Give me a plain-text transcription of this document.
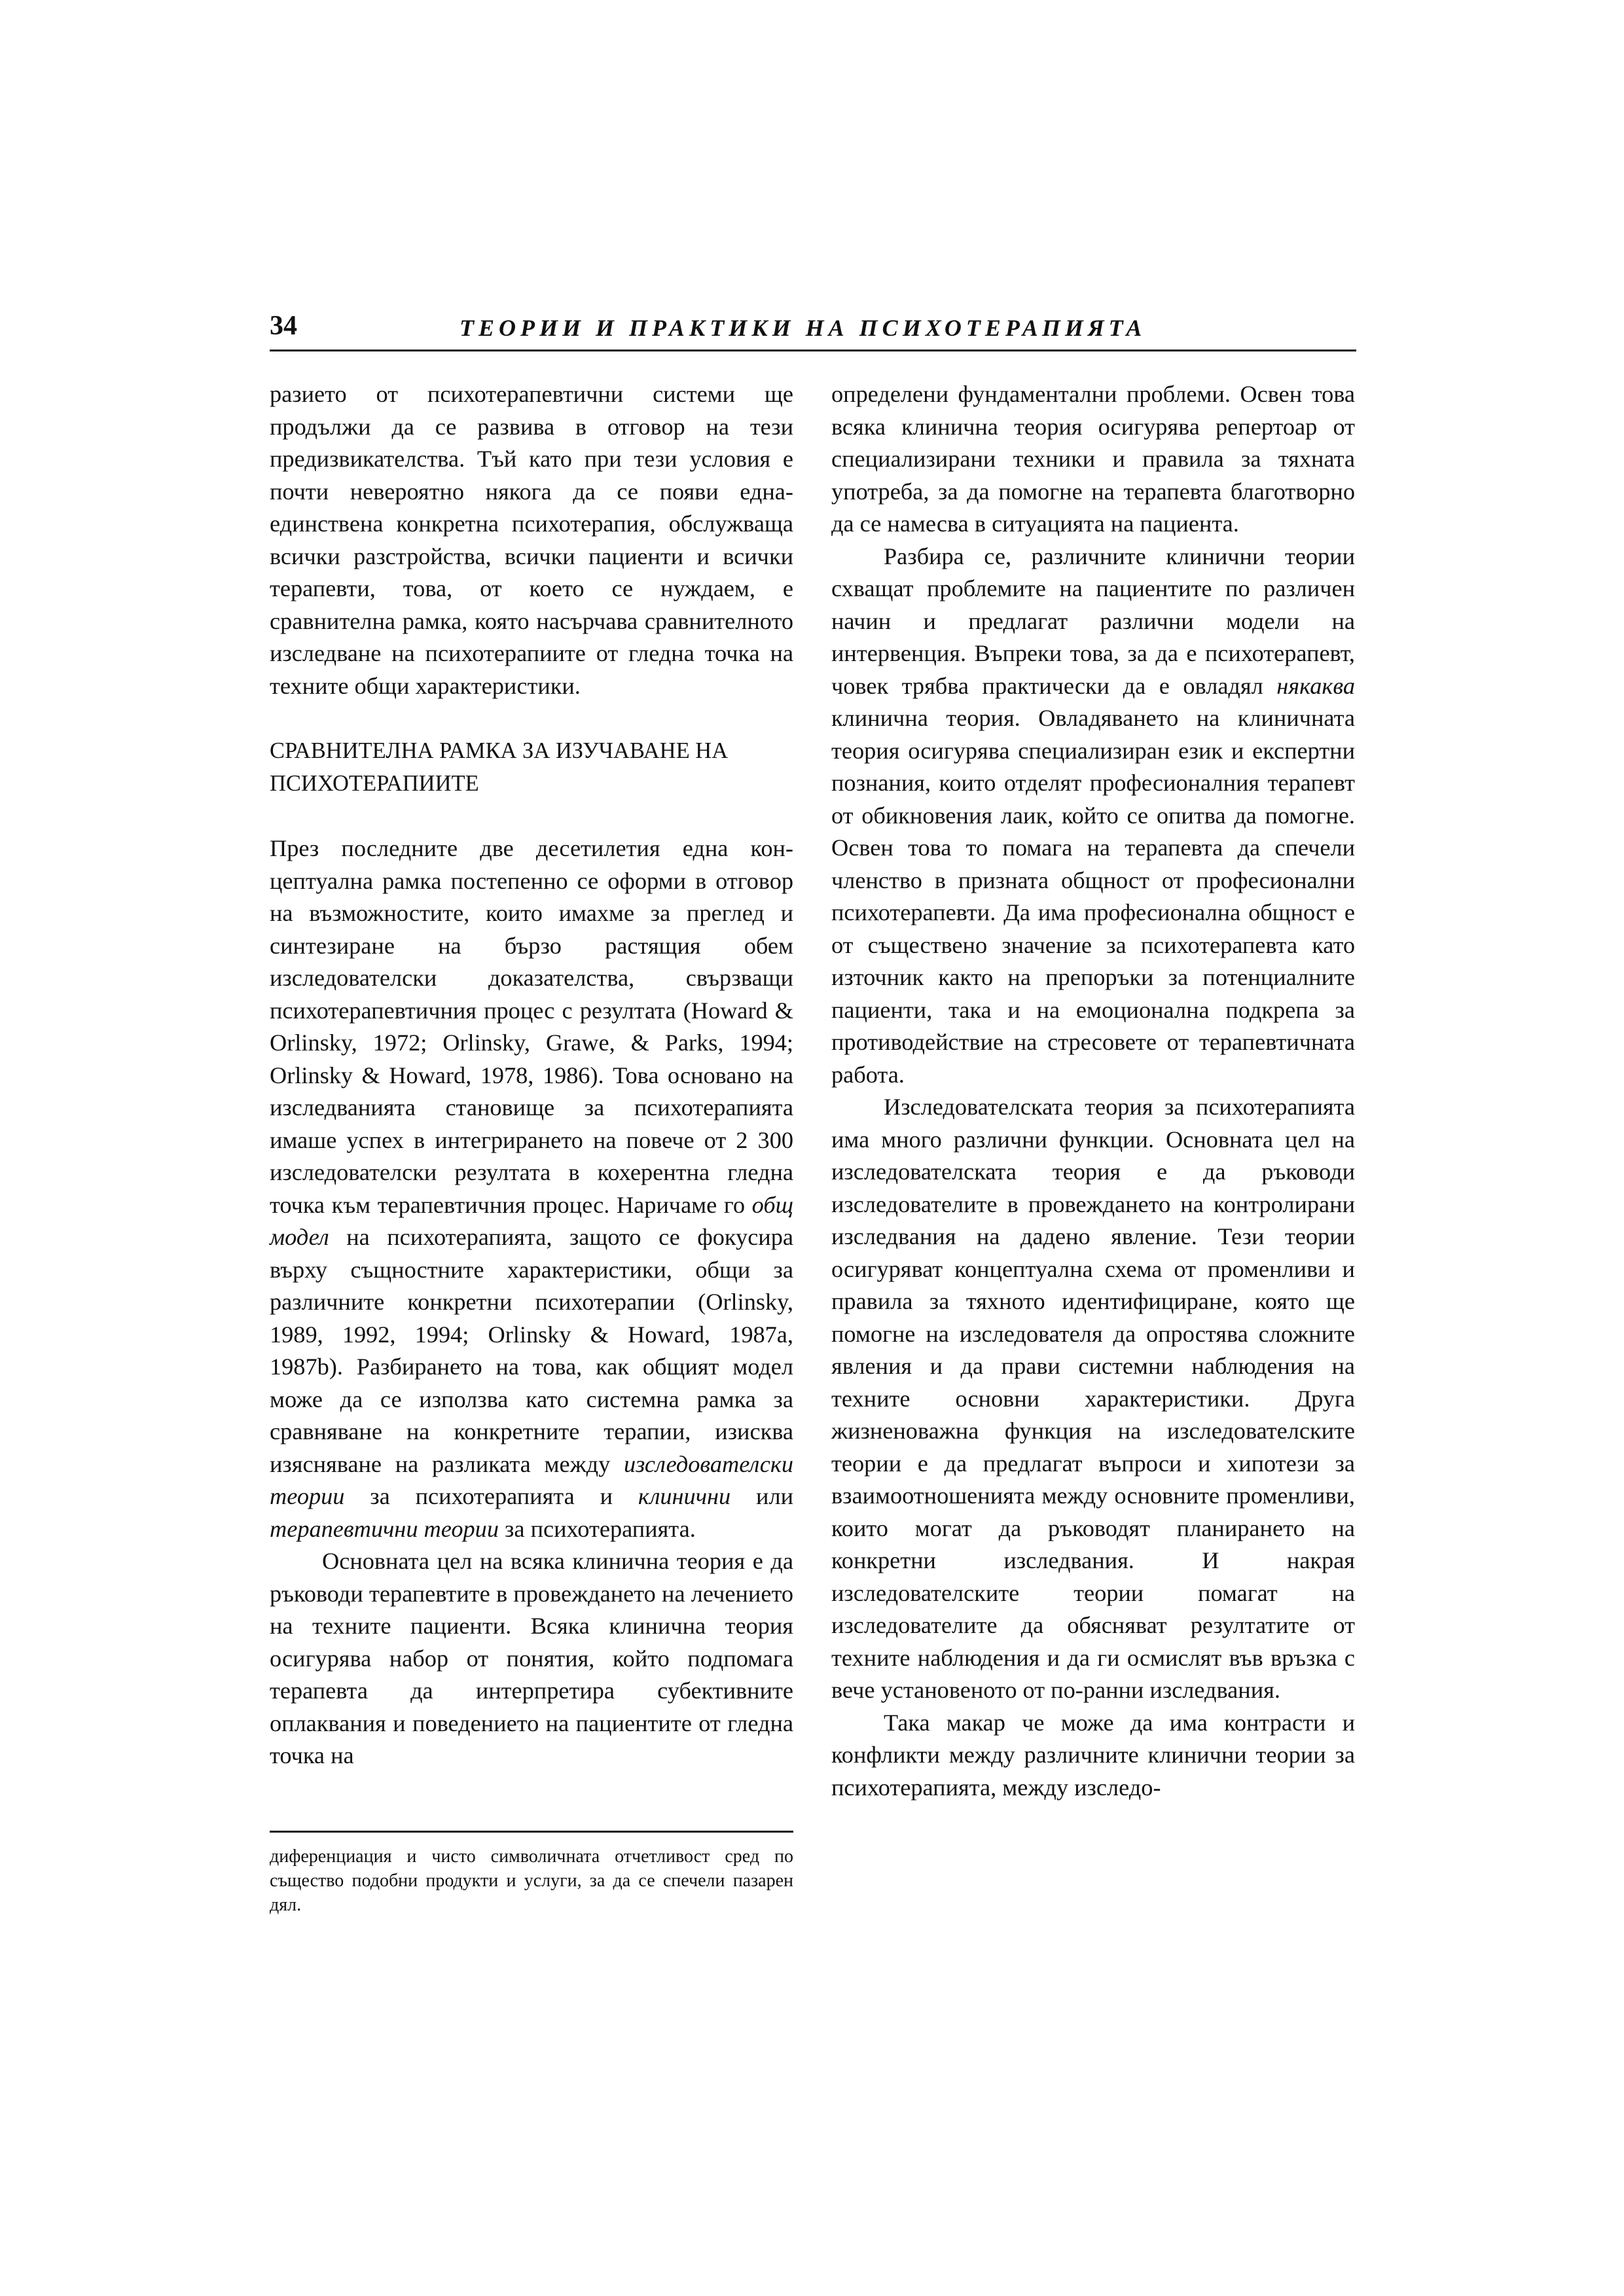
34	ТЕОРИИ И ПРАКТИКИ НА ПСИХОТЕРАПИЯТА

разието от психотерапевтични системи ще продължи да се развива в отговор на тези предизвикателства. Тъй като при тези условия е почти невероятно някога да се появи една-единствена конкретна психотерапия, обслужваща всички разстройства, всички пациенти и всички терапевти, това, от което се нуждаем, е сравнителна рамка, която насърчава сравнителното изследване на психотерапиите от гледна точка на техните общи характеристики.

СРАВНИТЕЛНА РАМКА ЗА ИЗУЧАВАНЕ НА ПСИХОТЕРАПИИТЕ

През последните две десетилетия една концептуална рамка постепенно се оформи в отговор на възможностите, които имахме за преглед и синтезиране на бързо растящия обем изследователски доказателства, свързващи психотерапевтичния процес с резултата (Howard & Orlinsky, 1972; Orlinsky, Grawe, & Parks, 1994; Orlinsky & Howard, 1978, 1986). Това основано на изследванията становище за психотерапията имаше успех в интегрирането на повече от 2 300 изследователски резултата в кохерентна гледна точка към терапевтичния процес. Наричаме го общ модел на психотерапията, защото се фокусира върху същностните характеристики, общи за различните конкретни психотерапии (Orlinsky, 1989, 1992, 1994; Orlinsky & Howard, 1987a, 1987b). Разбирането на това, как общият модел може да се използва като системна рамка за сравняване на конкретните терапии, изисква изясняване на разликата между изследователски теории за психотерапията и клинични или терапевтични теории за психотерапията.

Основната цел на всяка клинична теория е да ръководи терапевтите в провеждането на лечението на техните пациенти. Всяка клинична теория осигурява набор от понятия, който подпомага терапевта да интерпретира субективните оплаквания и поведението на пациентите от гледна точка на

диференциация и чисто символичната отчетливост сред по същество подобни продукти и услуги, за да се спечели пазарен дял.

определени фундаментални проблеми. Освен това всяка клинична теория осигурява репертоар от специализирани техники и правила за тяхната употреба, за да помогне на терапевта благотворно да се намесва в ситуацията на пациента.

Разбира се, различните клинични теории схващат проблемите на пациентите по различен начин и предлагат различни модели на интервенция. Въпреки това, за да е психотерапевт, човек трябва практически да е овладял някаква клинична теория. Овладяването на клиничната теория осигурява специализиран език и експертни познания, които отделят професионалния терапевт от обикновения лаик, който се опитва да помогне. Освен това то помага на терапевта да спечели членство в призната общност от професионални психотерапевти. Да има професионална общност е от съществено значение за психотерапевта като източник както на препоръки за потенциалните пациенти, така и на емоционална подкрепа за противодействие на стресовете от терапевтичната работа.

Изследователската теория за психотерапията има много различни функции. Основната цел на изследователската теория е да ръководи изследователите в провеждането на контролирани изследвания на дадено явление. Тези теории осигуряват концептуална схема от променливи и правила за тяхното идентифициране, която ще помогне на изследователя да опростява сложните явления и да прави системни наблюдения на техните основни характеристики. Друга жизненоважна функция на изследователските теории е да предлагат въпроси и хипотези за взаимоотношенията между основните променливи, които могат да ръководят планирането на конкретни изследвания. И накрая изследователските теории помагат на изследователите да обясняват резултатите от техните наблюдения и да ги осмислят във връзка с вече установеното от по-ранни изследвания.

Така макар че може да има контрасти и конфликти между различните клинични теории за психотерапията, между изследо-
